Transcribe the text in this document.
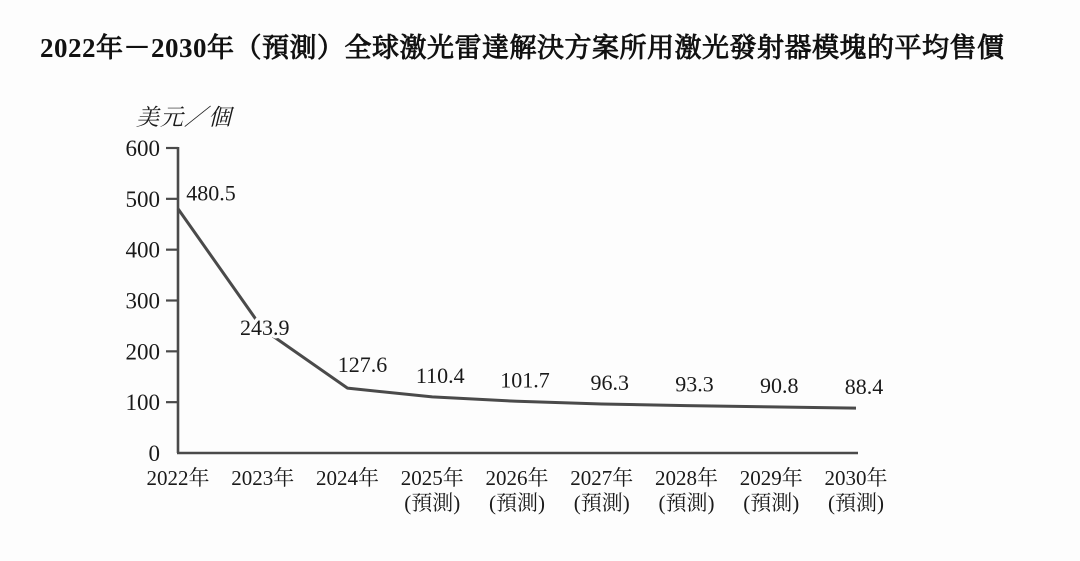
2022年－2030年（預測）全球激光雷達解決方案所用激光發射器模塊的平均售價
美元／個
0
100
200
300
400
500
600
480.5
243.9
127.6 110.4 101.7 96.3 93.3 90.8 88.4
2022年 2023年 2024年 2025年
(預測)
2026年
(預測)
2027年
(預測)
2028年
(預測)
2029年
(預測)
2030年
(預測)
